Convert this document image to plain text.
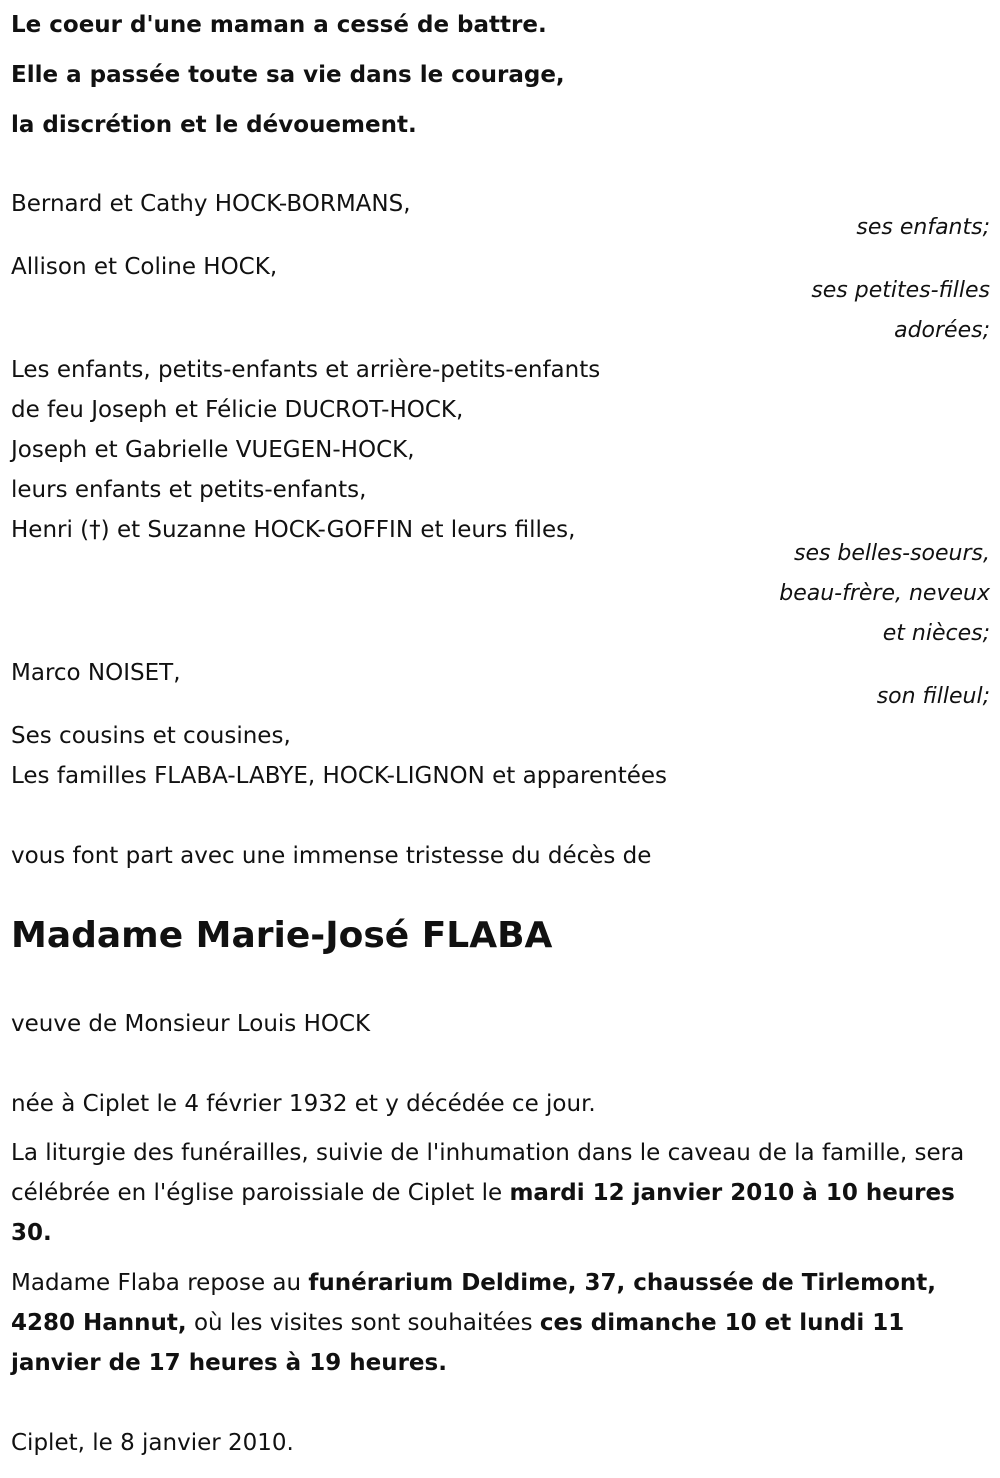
Le coeur d'une maman a cessé de battre.
Elle a passée toute sa vie dans le courage,
la discrétion et le dévouement.
Bernard et Cathy HOCK-BORMANS,
ses enfants;
Allison et Coline HOCK,
ses petites-filles
adorées;
Les enfants, petits-enfants et arrière-petits-enfants
de feu Joseph et Félicie DUCROT-HOCK,
Joseph et Gabrielle VUEGEN-HOCK,
leurs enfants et petits-enfants,
Henri (†) et Suzanne HOCK-GOFFIN et leurs filles,
ses belles-soeurs,
beau-frère, neveux
et nièces;
Marco NOISET,
son filleul;
Ses cousins et cousines,
Les familles FLABA-LABYE, HOCK-LIGNON et apparentées
vous font part avec une immense tristesse du décès de
Madame Marie-José FLABA
veuve de Monsieur Louis HOCK
née à Ciplet le 4 février 1932 et y décédée ce jour.
La liturgie des funérailles, suivie de l'inhumation dans le caveau de la famille, sera célébrée en l'église paroissiale de Ciplet le mardi 12 janvier 2010 à 10 heures 30.
Madame Flaba repose au funérarium Deldime, 37, chaussée de Tirlemont, 4280 Hannut, où les visites sont souhaitées ces dimanche 10 et lundi 11 janvier de 17 heures à 19 heures.
Ciplet, le 8 janvier 2010.
